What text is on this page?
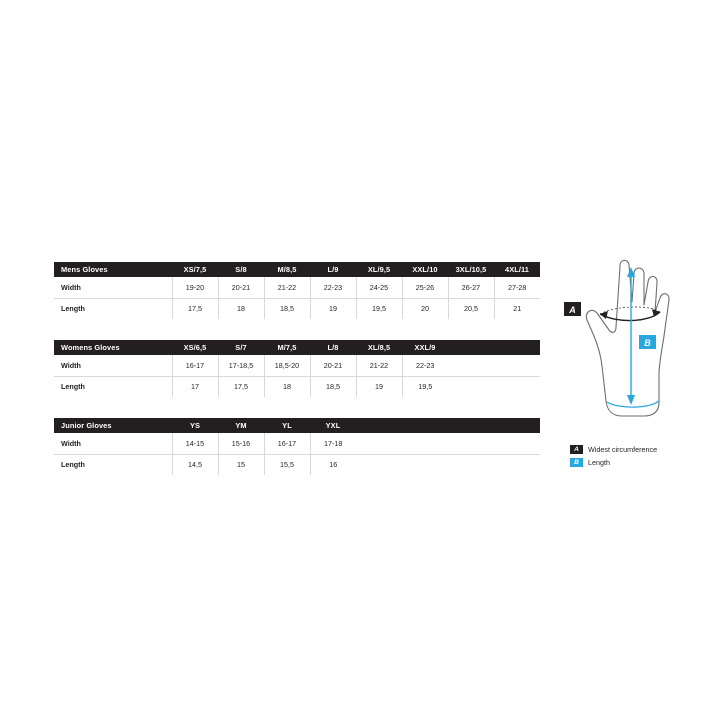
Mens Gloves	XS/7,5	S/8	M/8,5	L/9	XL/9,5	XXL/10	3XL/10,5	4XL/11
Width	19-20	20-21	21-22	22-23	24-25	25-26	26-27	27-28
Length	17,5	18	18,5	19	19,5	20	20,5	21
Womens Gloves	XS/6,5	S/7	M/7,5	L/8	XL/8,5	XXL/9	
Width	16-17	17-18,5	18,5-20	20-21	21-22	22-23	
Length	17	17,5	18	18,5	19	19,5	
Junior Gloves	YS	YM	YL	YXL	
Width	14-15	15-16	16-17	17-18	
Length	14,5	15	15,5	16	
A
B
A	Widest circumference
B	Length
